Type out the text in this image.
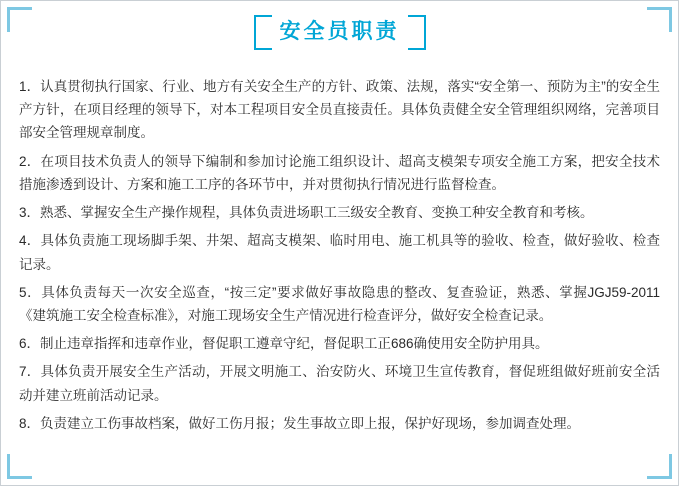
安全员职责

1．认真贯彻执行国家、行业、地方有关安全生产的方针、政策、法规，落实“安全第一、预防为主”的安全生产方针，在项目经理的领导下，对本工程项目安全员直接责任。具体负责健全安全管理组织网络，完善项目部安全管理规章制度。

2．在项目技术负责人的领导下编制和参加讨论施工组织设计、超高支模架专项安全施工方案，把安全技术措施渗透到设计、方案和施工工序的各环节中，并对贯彻执行情况进行监督检查。

3．熟悉、掌握安全生产操作规程，具体负责进场职工三级安全教育、变换工种安全教育和考核。

4．具体负责施工现场脚手架、井架、超高支模架、临时用电、施工机具等的验收、检查，做好验收、检查记录。

5．具体负责每天一次安全巡查，“按三定”要求做好事故隐患的整改、复查验证，熟悉、掌握JGJ59-2011《建筑施工安全检查标准》，对施工现场安全生产情况进行检查评分，做好安全检查记录。

6．制止违章指挥和违章作业，督促职工遵章守纪，督促职工正686确使用安全防护用具。

7．具体负责开展安全生产活动，开展文明施工、治安防火、环境卫生宣传教育，督促班组做好班前安全活动并建立班前活动记录。

8．负责建立工伤事故档案，做好工伤月报；发生事故立即上报，保护好现场，参加调查处理。
